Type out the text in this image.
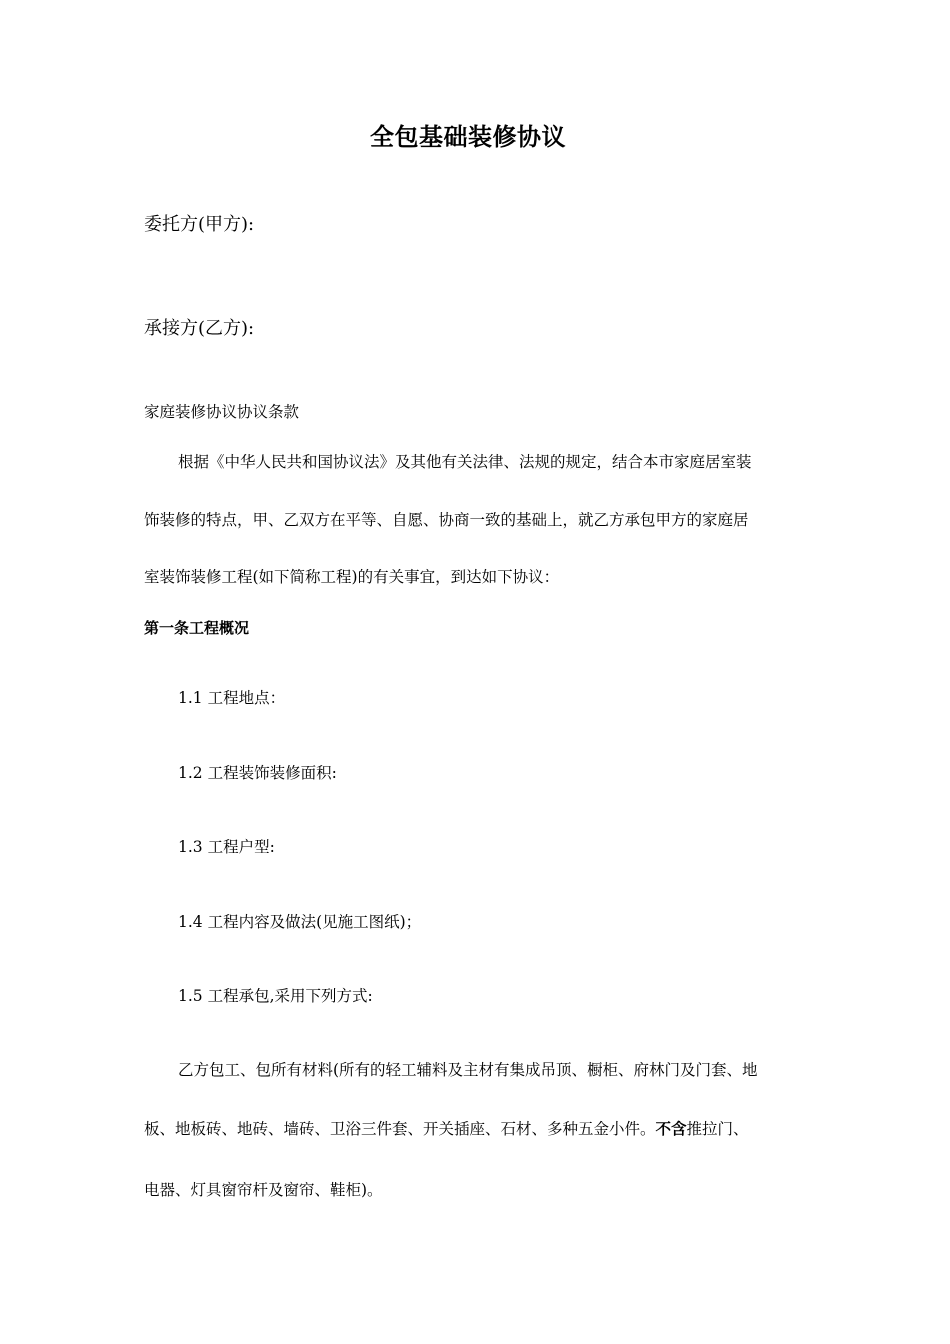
全包基础装修协议
委托方(甲方):
承接方(乙方):
家庭装修协议协议条款
根据《中华人民共和国协议法》及其他有关法律、法规的规定，结合本市家庭居室装
饰装修的特点，甲、乙双方在平等、自愿、协商一致的基础上，就乙方承包甲方的家庭居
室装饰装修工程(如下简称工程)的有关事宜，到达如下协议：
第一条工程概况
1.1 工程地点：
1.2 工程装饰装修面积:
1.3 工程户型:
1.4 工程内容及做法(见施工图纸)；
1.5 工程承包,采用下列方式:
乙方包工、包所有材料(所有的轻工辅料及主材有集成吊顶、橱柜、府林门及门套、地
板、地板砖、地砖、墙砖、卫浴三件套、开关插座、石材、多种五金小件。不含推拉门、
电器、灯具窗帘杆及窗帘、鞋柜)。
